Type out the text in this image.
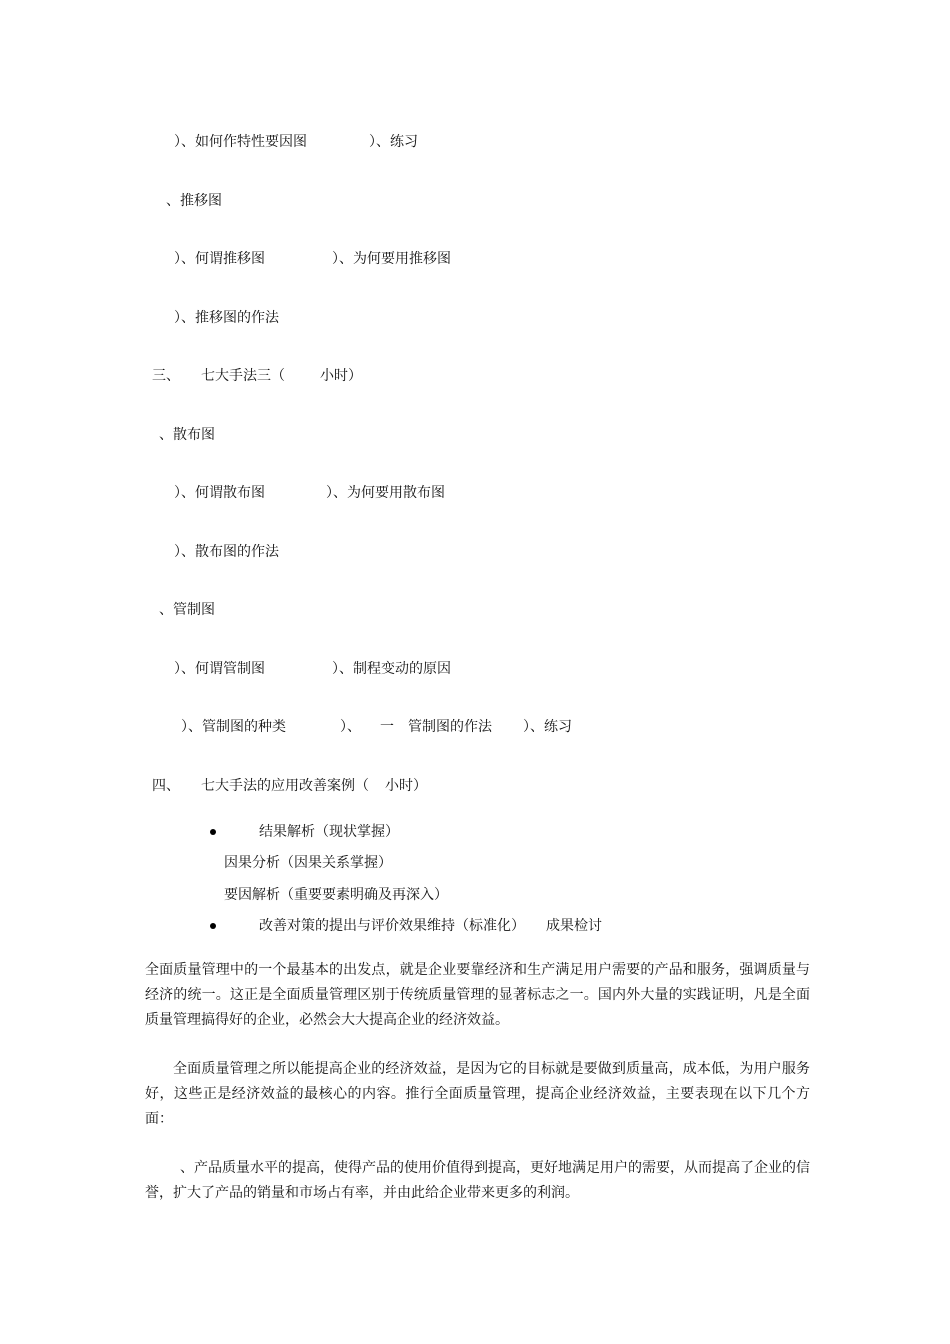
）、如何作特性要因图	）、练习
、推移图
）、何谓推移图	）、为何要用推移图
）、推移图的作法
三、 七大手法三（	小时）
、散布图
）、何谓散布图	）、为何要用散布图
）、散布图的作法
、管制图
）、何谓管制图	）、制程变动的原因
）、管制图的种类	）、 一 管制图的作法 ）、练习
四、 七大手法的应用改善案例（ 小时）
结果解析（现状掌握）
因果分析（因果关系掌握）
要因解析（重要要素明确及再深入）
改善对策的提出与评价效果维持（标准化） 成果检讨
全面质量管理中的一个最基本的出发点，就是企业要靠经济和生产满足用户需要的产品和服务，强调质量与经济的统一。这正是全面质量管理区别于传统质量管理的显著标志之一。国内外大量的实践证明，凡是全面质量管理搞得好的企业，必然会大大提高企业的经济效益。
全面质量管理之所以能提高企业的经济效益，是因为它的目标就是要做到质量高，成本低，为用户服务好，这些正是经济效益的最核心的内容。推行全面质量管理，提高企业经济效益，主要表现在以下几个方面：
、产品质量水平的提高，使得产品的使用价值得到提高，更好地满足用户的需要，从而提高了企业的信誉，扩大了产品的销量和市场占有率，并由此给企业带来更多的利润。
